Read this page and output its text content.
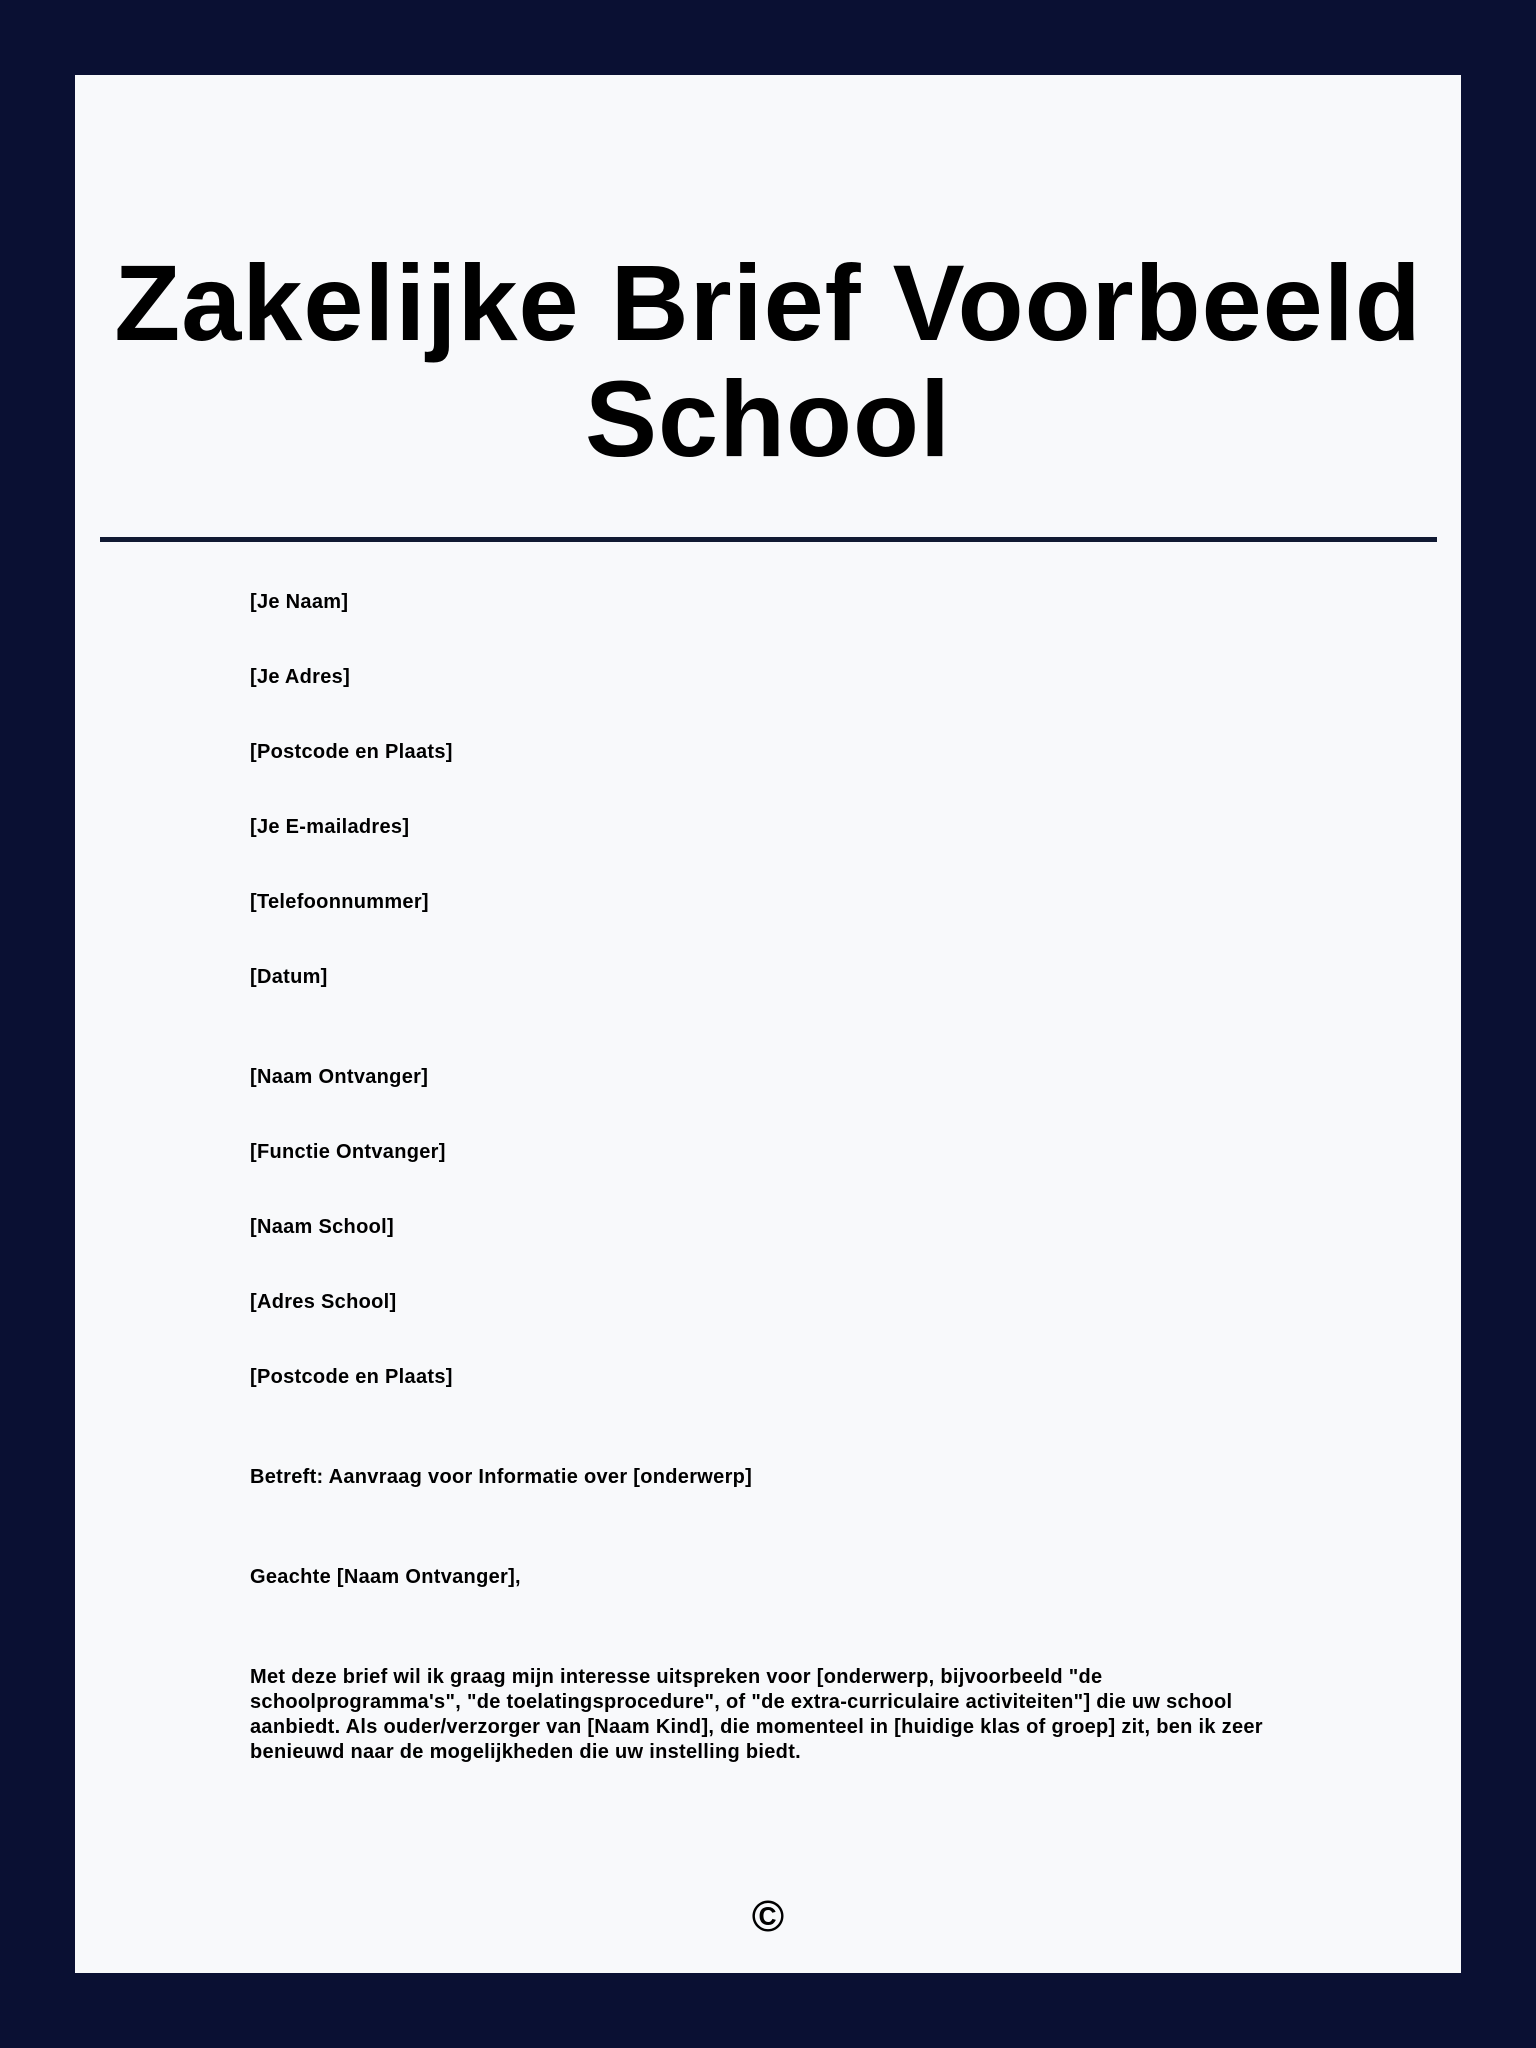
Zakelijke Brief Voorbeeld School
[Je Naam]
[Je Adres]
[Postcode en Plaats]
[Je E-mailadres]
[Telefoonnummer]
[Datum]
[Naam Ontvanger]
[Functie Ontvanger]
[Naam School]
[Adres School]
[Postcode en Plaats]
Betreft: Aanvraag voor Informatie over [onderwerp]
Geachte [Naam Ontvanger],
Met deze brief wil ik graag mijn interesse uitspreken voor [onderwerp, bijvoorbeeld "de schoolprogramma's", "de toelatingsprocedure", of "de extra-curriculaire activiteiten"] die uw school aanbiedt. Als ouder/verzorger van [Naam Kind], die momenteel in [huidige klas of groep] zit, ben ik zeer benieuwd naar de mogelijkheden die uw instelling biedt.
©
